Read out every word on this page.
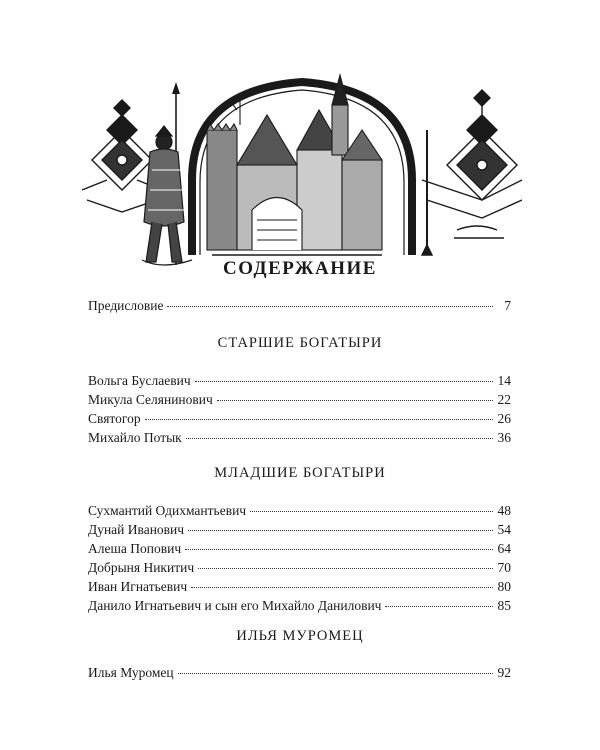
СОДЕРЖАНИЕ
Предисловие	7
СТАРШИЕ БОГАТЫРИ
Вольга Буслаевич	14
Микула Селянинович	22
Святогор	26
Михайло Потык	36
МЛАДШИЕ БОГАТЫРИ
Сухмантий Одихмантьевич	48
Дунай Иванович	54
Алеша Попович	64
Добрыня Никитич	70
Иван Игнатьевич	80
Данило Игнатьевич и сын его Михайло Данилович	85
ИЛЬЯ МУРОМЕЦ
Илья Муромец	92
